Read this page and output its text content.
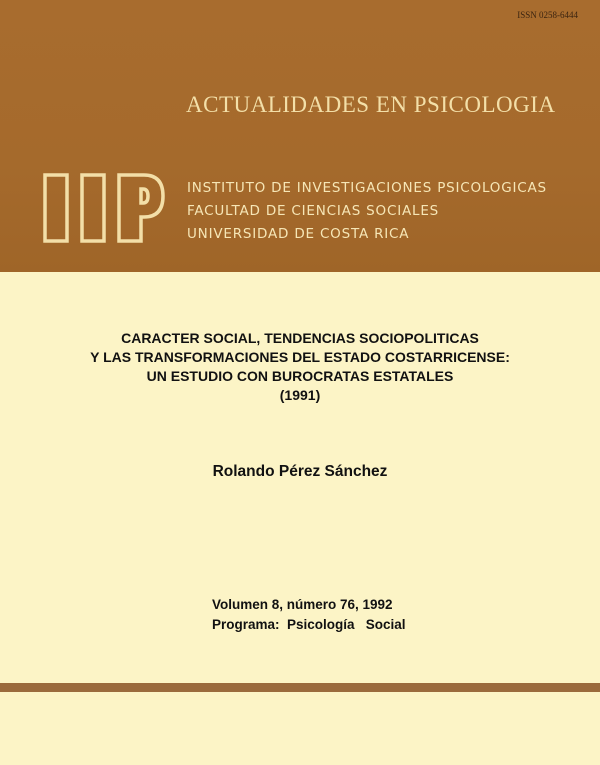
ISSN 0258-6444
ACTUALIDADES EN PSICOLOGIA
INSTITUTO DE INVESTIGACIONES PSICOLOGICAS
FACULTAD DE CIENCIAS SOCIALES
UNIVERSIDAD DE COSTA RICA
CARACTER SOCIAL, TENDENCIAS SOCIOPOLITICAS
Y LAS TRANSFORMACIONES DEL ESTADO COSTARRICENSE:
UN ESTUDIO CON BUROCRATAS ESTATALES
(1991)
Rolando Pérez Sánchez
Volumen 8, número 76, 1992
Programa:  Psicología   Social
